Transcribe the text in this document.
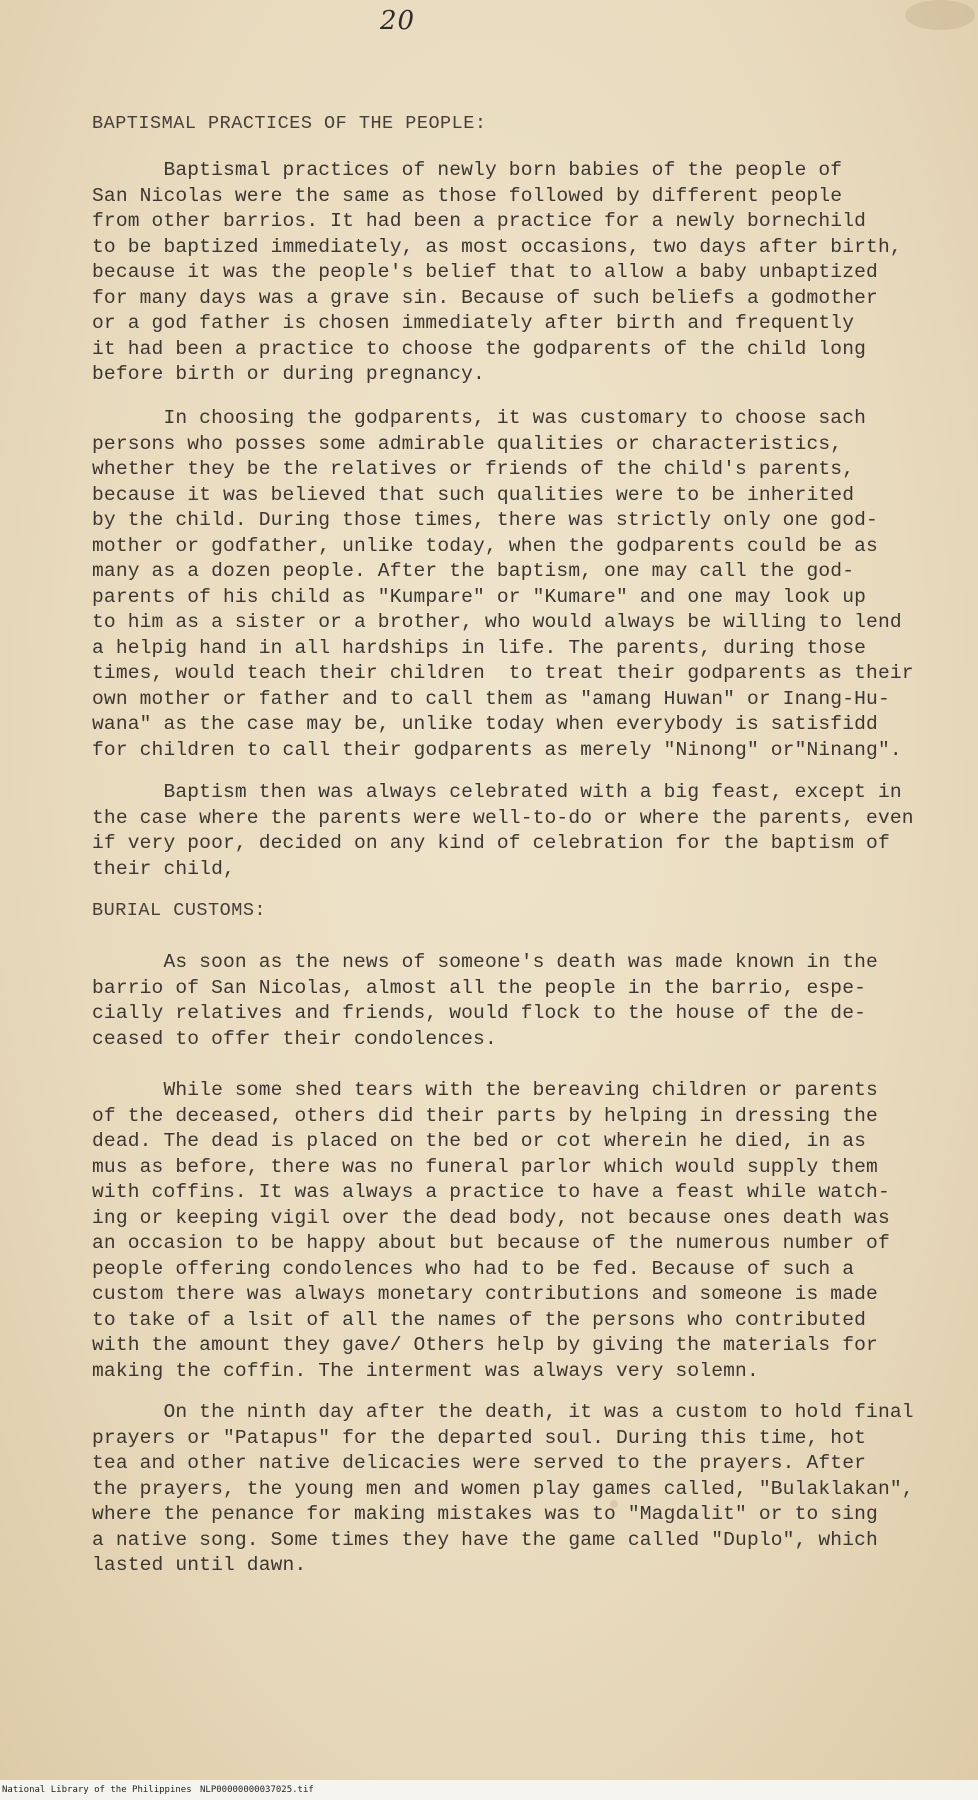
20
BAPTISMAL PRACTICES OF THE PEOPLE:
Baptismal practices of newly born babies of the people of
San Nicolas were the same as those followed by different people
from other barrios. It had been a practice for a newly bornechild
to be baptized immediately, as most occasions, two days after birth,
because it was the people's belief that to allow a baby unbaptized
for many days was a grave sin. Because of such beliefs a godmother
or a god father is chosen immediately after birth and frequently
it had been a practice to choose the godparents of the child long
before birth or during pregnancy.
In choosing the godparents, it was customary to choose sach
persons who posses some admirable qualities or characteristics,
whether they be the relatives or friends of the child's parents,
because it was believed that such qualities were to be inherited
by the child. During those times, there was strictly only one god-
mother or godfather, unlike today, when the godparents could be as
many as a dozen people. After the baptism, one may call the god-
parents of his child as "Kumpare" or "Kumare" and one may look up
to him as a sister or a brother, who would always be willing to lend
a helpig hand in all hardships in life. The parents, during those
times, would teach their children  to treat their godparents as their
own mother or father and to call them as "amang Huwan" or Inang-Hu-
wana" as the case may be, unlike today when everybody is satisfidd
for children to call their godparents as merely "Ninong" or"Ninang".
Baptism then was always celebrated with a big feast, except in
the case where the parents were well-to-do or where the parents, even
if very poor, decided on any kind of celebration for the baptism of
their child,
BURIAL CUSTOMS:
As soon as the news of someone's death was made known in the
barrio of San Nicolas, almost all the people in the barrio, espe-
cially relatives and friends, would flock to the house of the de-
ceased to offer their condolences.
While some shed tears with the bereaving children or parents
of the deceased, others did their parts by helping in dressing the
dead. The dead is placed on the bed or cot wherein he died, in as
mus as before, there was no funeral parlor which would supply them
with coffins. It was always a practice to have a feast while watch-
ing or keeping vigil over the dead body, not because ones death was
an occasion to be happy about but because of the numerous number of
people offering condolences who had to be fed. Because of such a
custom there was always monetary contributions and someone is made
to take of a lsit of all the names of the persons who contributed
with the amount they gave/ Others help by giving the materials for
making the coffin. The interment was always very solemn.
On the ninth day after the death, it was a custom to hold final
prayers or "Patapus" for the departed soul. During this time, hot
tea and other native delicacies were served to the prayers. After
the prayers, the young men and women play games called, "Bulaklakan",
where the penance for making mistakes was to "Magdalit" or to sing
a native song. Some times they have the game called "Duplo", which
lasted until dawn.
National Library of the Philippines NLP00000000037025.tif
